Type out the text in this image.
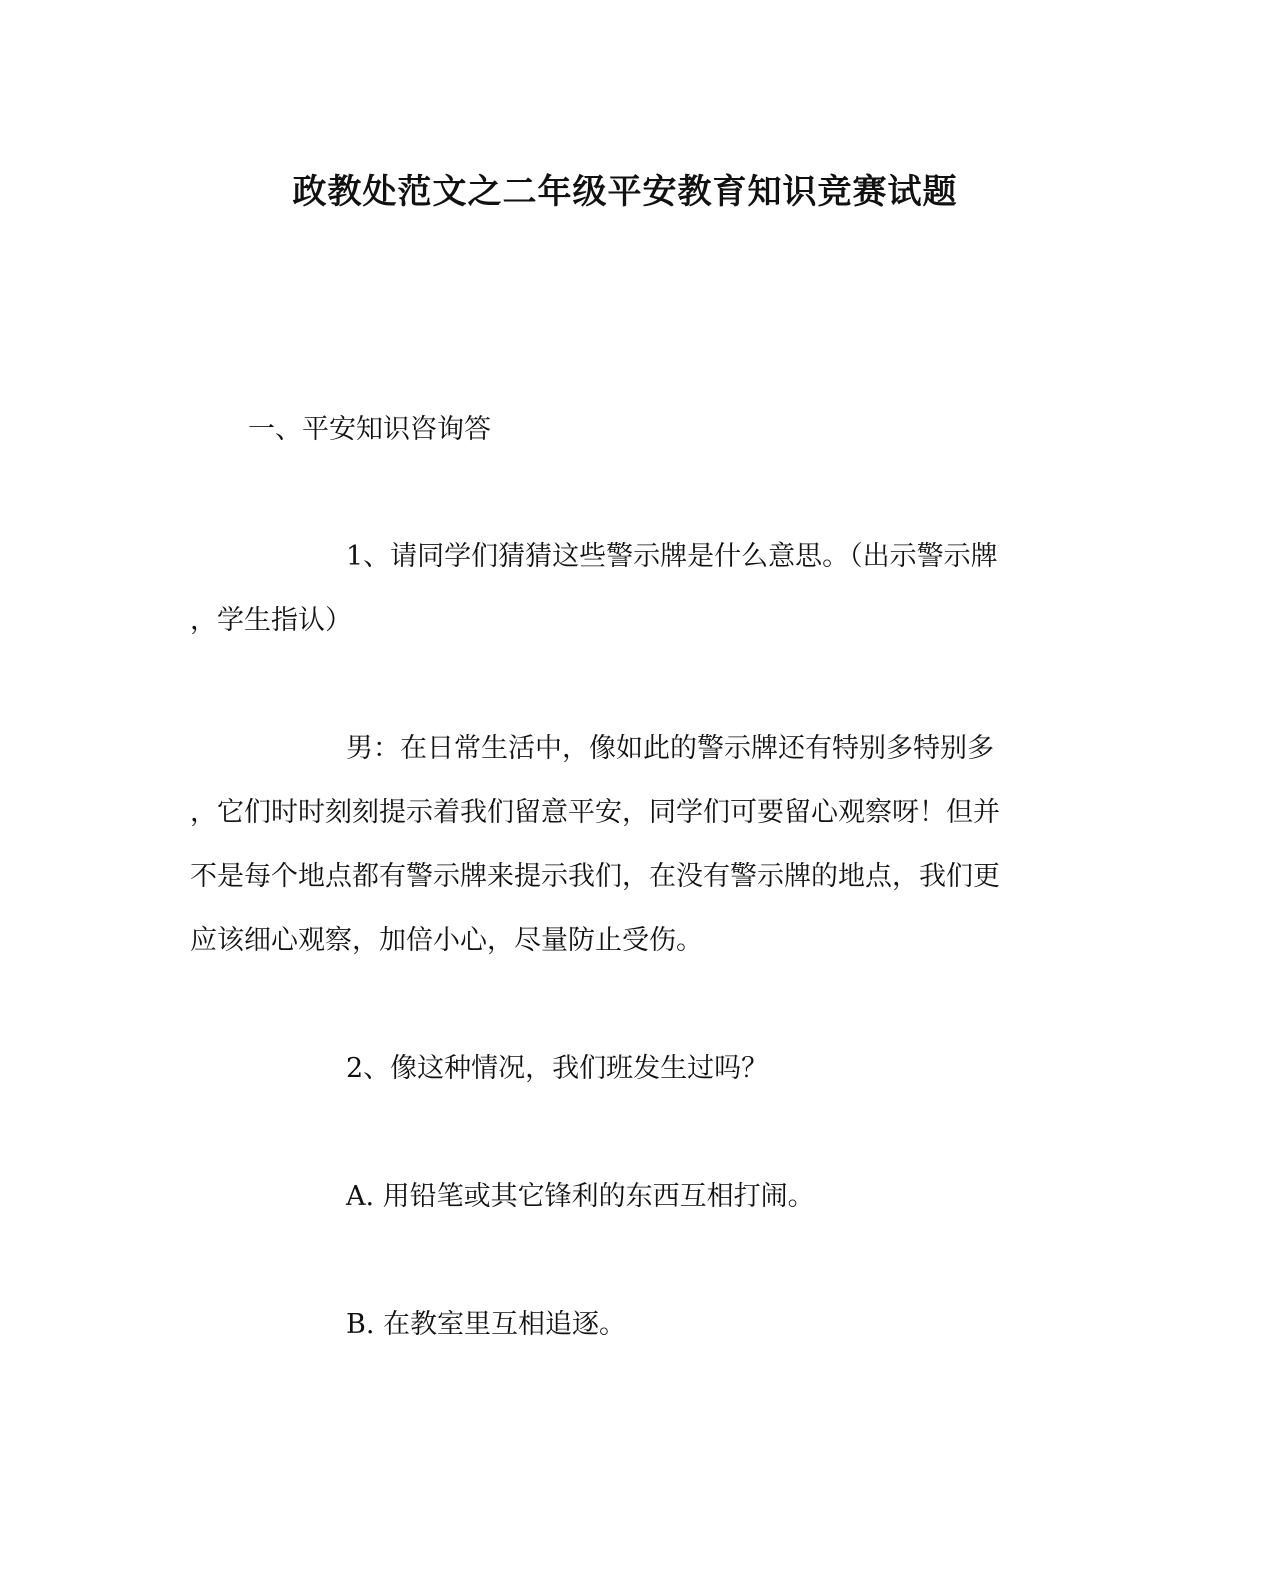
政教处范文之二年级平安教育知识竞赛试题
一、平安知识咨询答
1、请同学们猜猜这些警示牌是什么意思。（出示警示牌
，学生指认）
男：在日常生活中，像如此的警示牌还有特别多特别多
，它们时时刻刻提示着我们留意平安，同学们可要留心观察呀！但并
不是每个地点都有警示牌来提示我们，在没有警示牌的地点，我们更
应该细心观察，加倍小心，尽量防止受伤。
2、像这种情况，我们班发生过吗？
A. 用铅笔或其它锋利的东西互相打闹。
B. 在教室里互相追逐。
